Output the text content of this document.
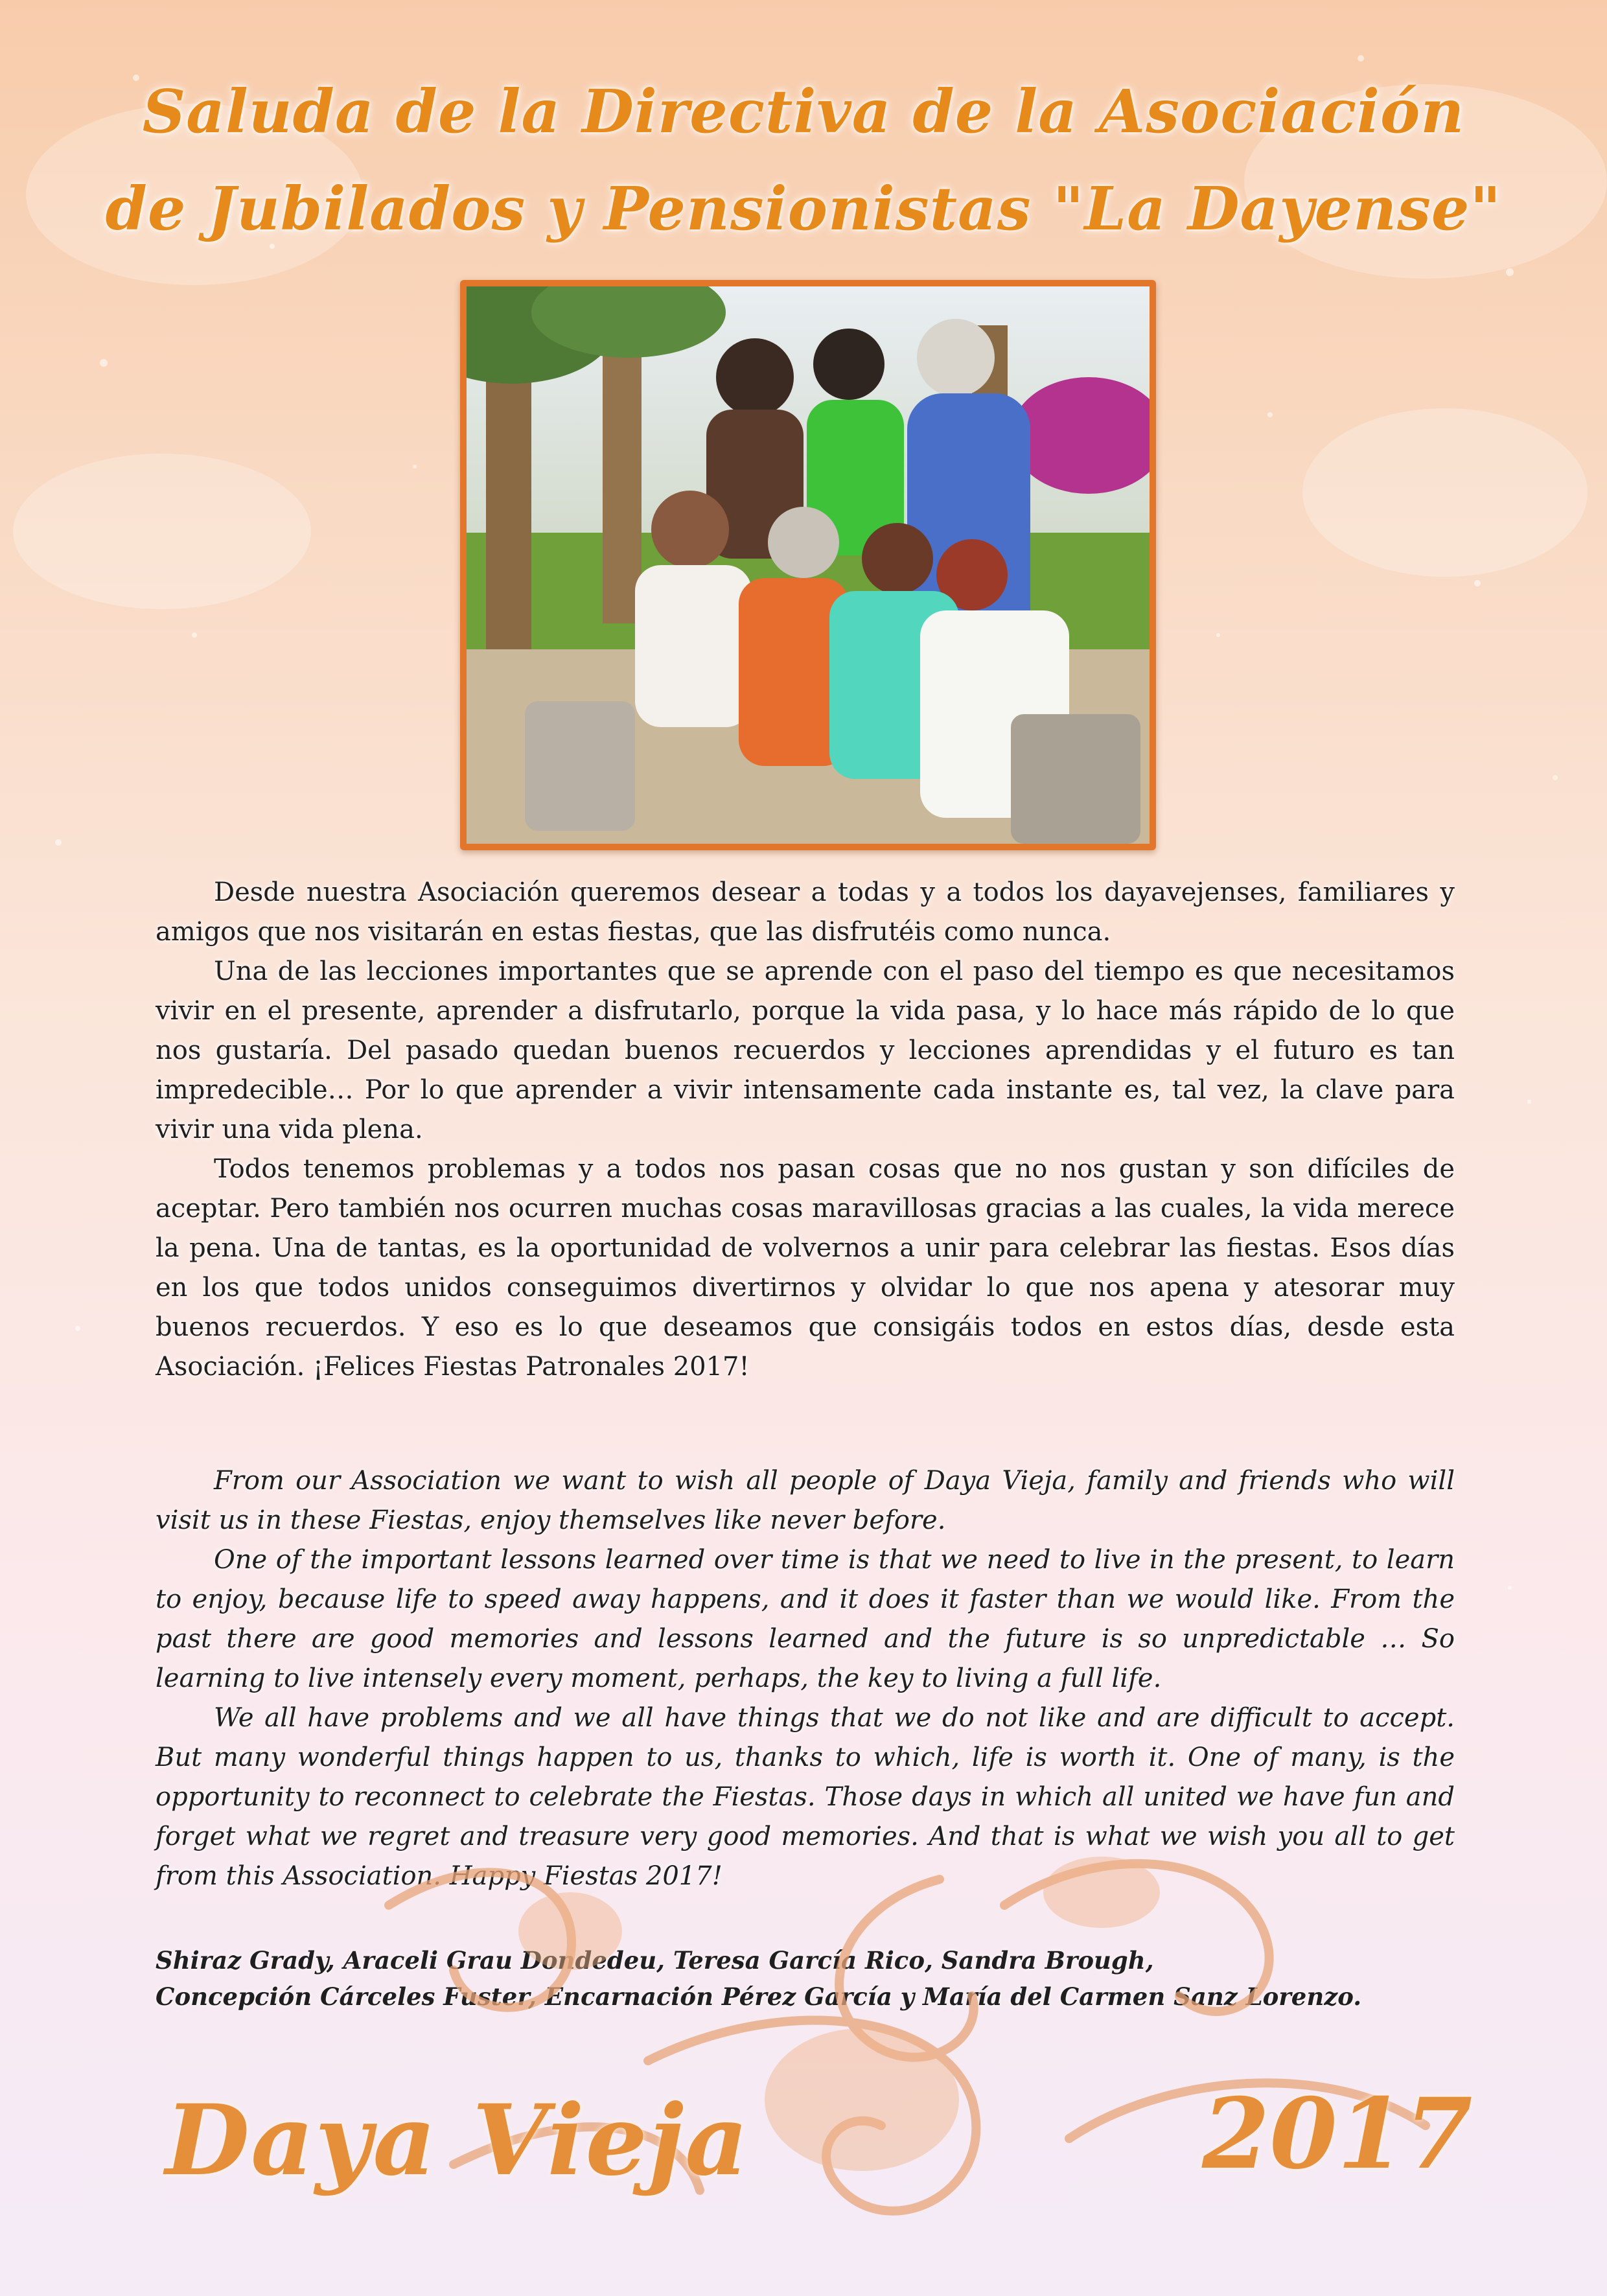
Saluda de la Directiva de la Asociación
de Jubilados y Pensionistas "La Dayense"

Desde nuestra Asociación queremos desear a todas y a todos los dayavejenses, familiares y amigos que nos visitarán en estas fiestas, que las disfrutéis como nunca.

Una de las lecciones importantes que se aprende con el paso del tiempo es que necesitamos vivir en el presente, aprender a disfrutarlo, porque la vida pasa, y lo hace más rápido de lo que nos gustaría. Del pasado quedan buenos recuerdos y lecciones aprendidas y el futuro es tan impredecible… Por lo que aprender a vivir intensamente cada instante es, tal vez, la clave para vivir una vida plena.

Todos tenemos problemas y a todos nos pasan cosas que no nos gustan y son difíciles de aceptar. Pero también nos ocurren muchas cosas maravillosas gracias a las cuales, la vida merece la pena. Una de tantas, es la oportunidad de volvernos a unir para celebrar las fiestas. Esos días en los que todos unidos conseguimos divertirnos y olvidar lo que nos apena y atesorar muy buenos recuerdos. Y eso es lo que deseamos que consigáis todos en estos días, desde esta Asociación. ¡Felices Fiestas Patronales 2017!

From our Association we want to wish all people of Daya Vieja, family and friends who will visit us in these Fiestas, enjoy themselves like never before.

One of the important lessons learned over time is that we need to live in the present, to learn to enjoy, because life to speed away happens, and it does it faster than we would like. From the past there are good memories and lessons learned and the future is so unpredictable … So learning to live intensely every moment, perhaps, the key to living a full life.

We all have problems and we all have things that we do not like and are difficult to accept. But many wonderful things happen to us, thanks to which, life is worth it. One of many, is the opportunity to reconnect to celebrate the Fiestas. Those days in which all united we have fun and forget what we regret and treasure very good memories. And that is what we wish you all to get from this Association. Happy Fiestas 2017!

Shiraz Grady, Araceli Grau Dondedeu, Teresa García Rico, Sandra Brough,
Concepción Cárceles Fuster, Encarnación Pérez García y María del Carmen Sanz Lorenzo.
Daya Vieja	2017
